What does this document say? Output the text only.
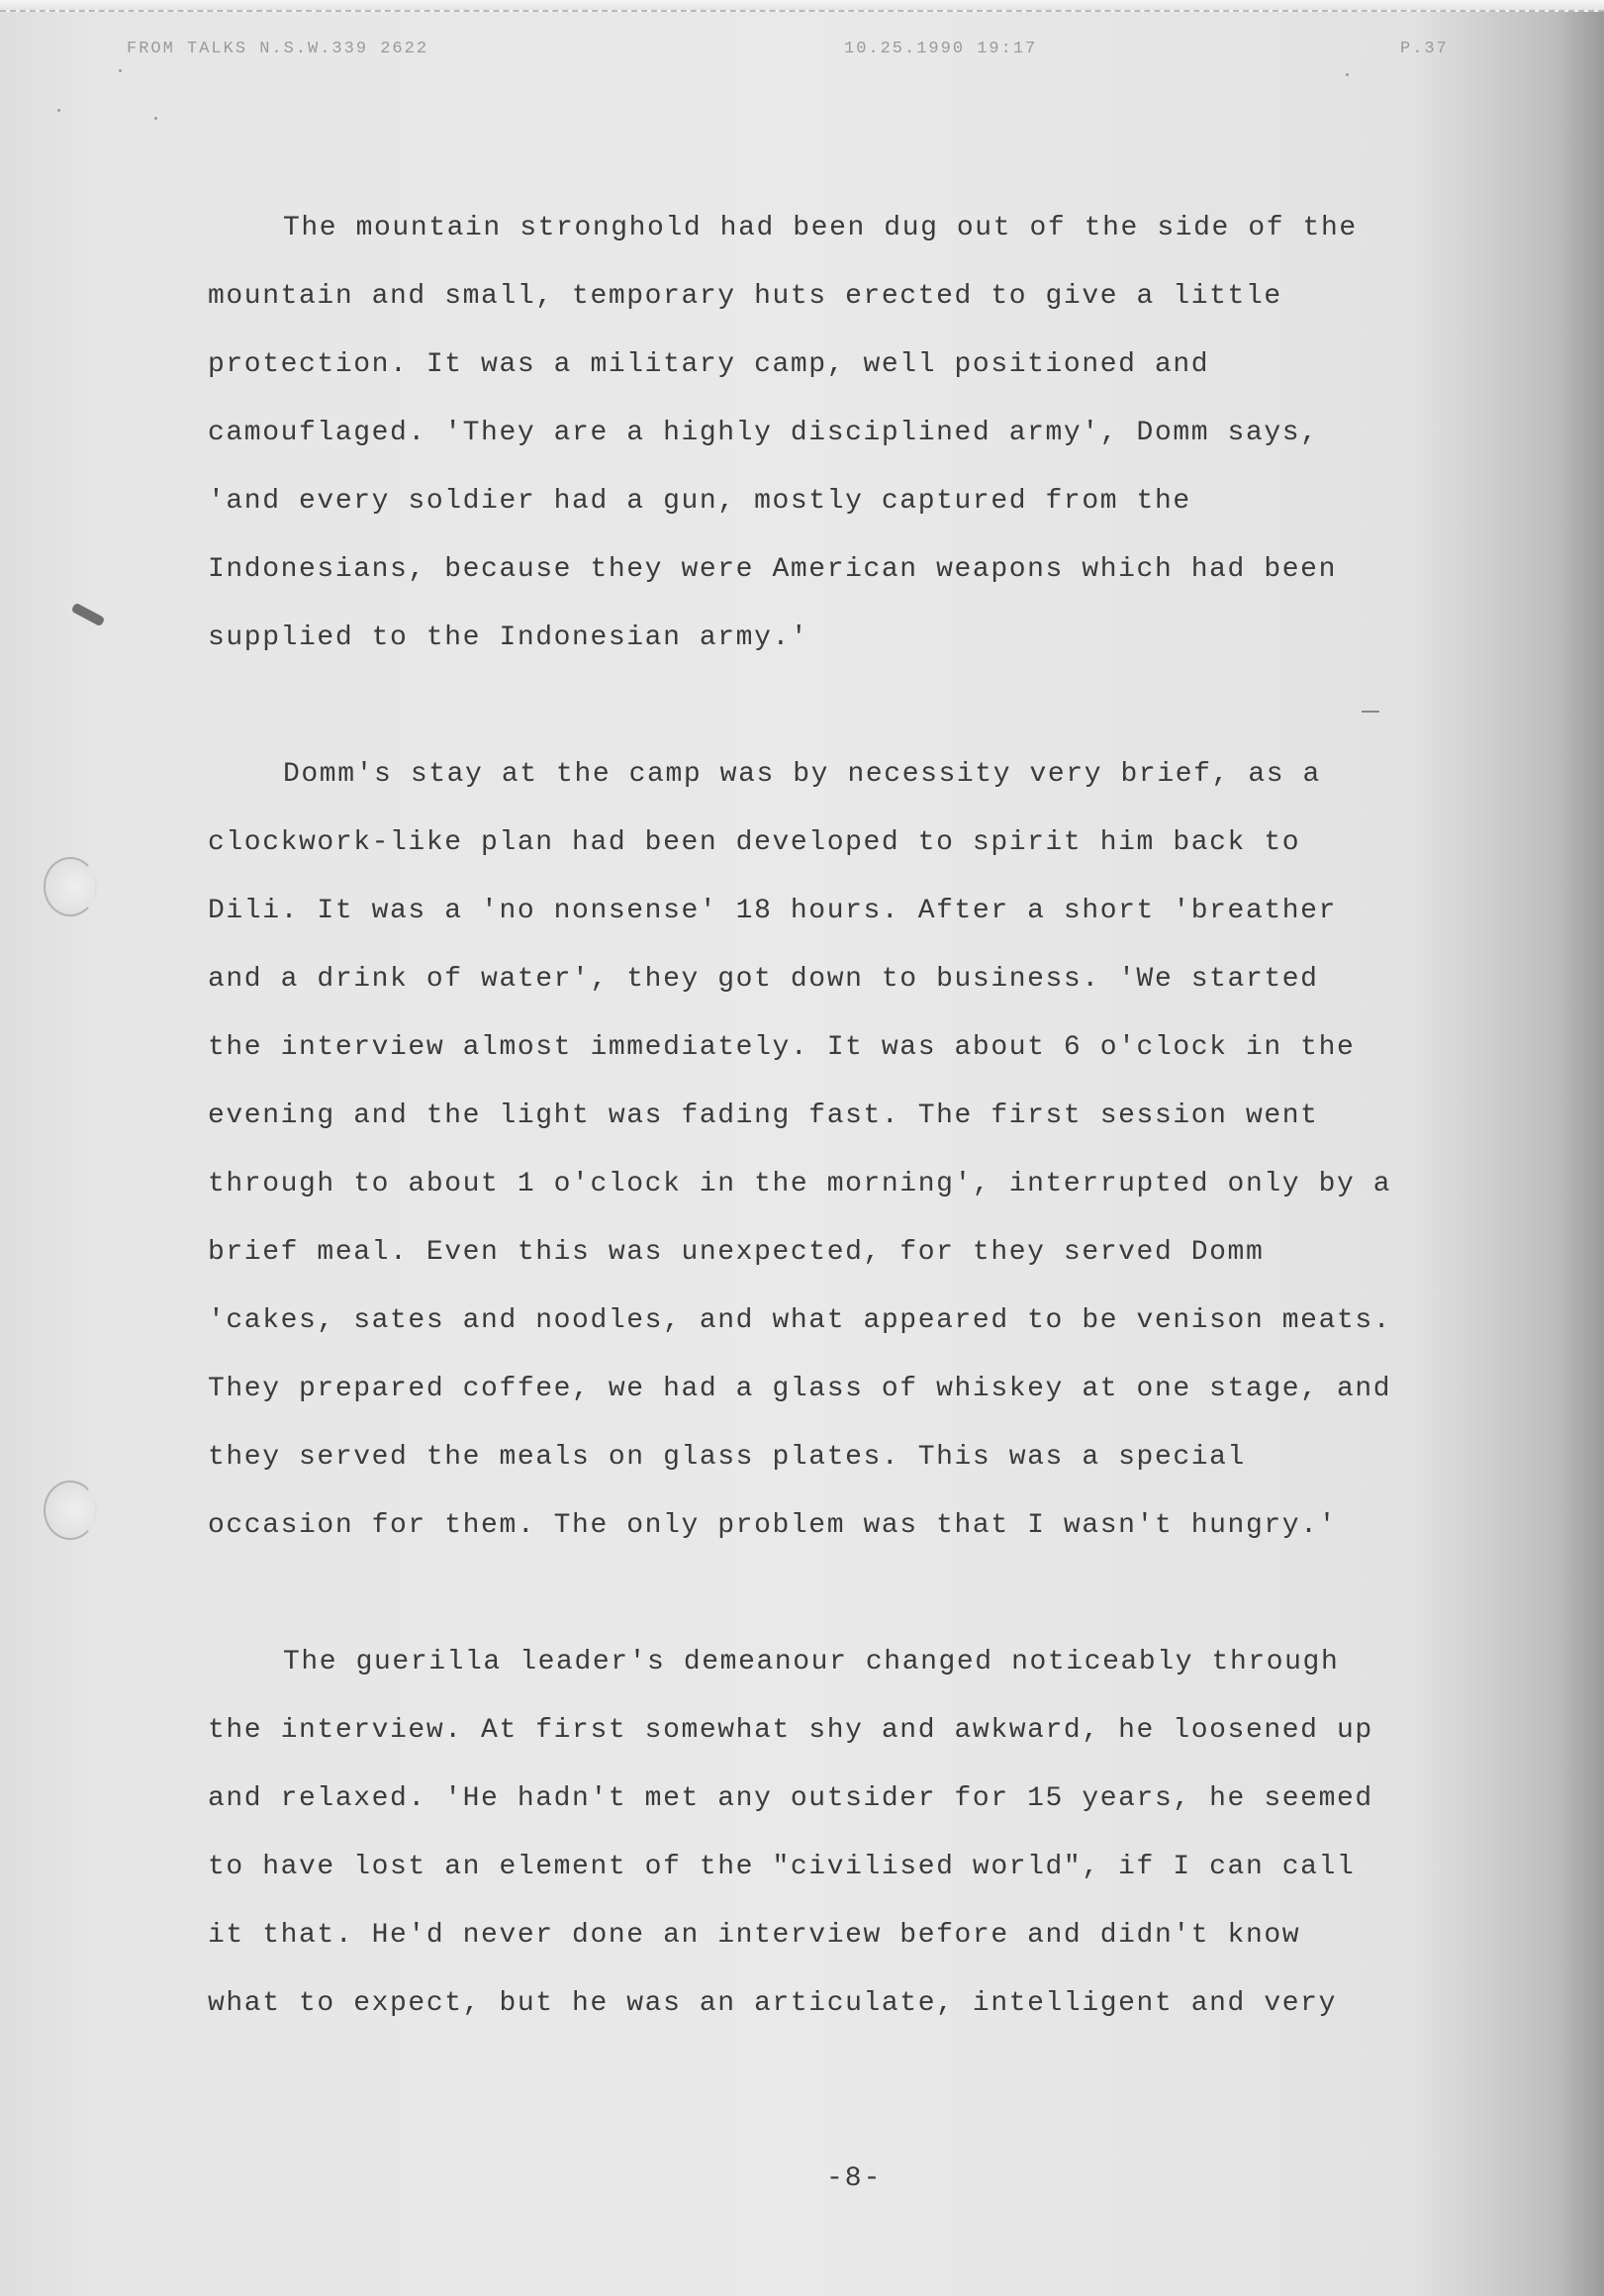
FROM TALKS N.S.W.339 2622	10.25.1990 19:17	P.37
The mountain stronghold had been dug out of the side of the
mountain and small, temporary huts erected to give a little
protection. It was a military camp, well positioned and
camouflaged. 'They are a highly disciplined army', Domm says,
'and every soldier had a gun, mostly captured from the
Indonesians, because they were American weapons which had been
supplied to the Indonesian army.'
Domm's stay at the camp was by necessity very brief, as a
clockwork-like plan had been developed to spirit him back to
Dili. It was a 'no nonsense' 18 hours. After a short 'breather
and a drink of water', they got down to business. 'We started
the interview almost immediately. It was about 6 o'clock in the
evening and the light was fading fast. The first session went
through to about 1 o'clock in the morning', interrupted only by a
brief meal. Even this was unexpected, for they served Domm
'cakes, sates and noodles, and what appeared to be venison meats.
They prepared coffee, we had a glass of whiskey at one stage, and
they served the meals on glass plates. This was a special
occasion for them. The only problem was that I wasn't hungry.'
The guerilla leader's demeanour changed noticeably through
the interview. At first somewhat shy and awkward, he loosened up
and relaxed. 'He hadn't met any outsider for 15 years, he seemed
to have lost an element of the "civilised world", if I can call
it that. He'd never done an interview before and didn't know
what to expect, but he was an articulate, intelligent and very
-8-
